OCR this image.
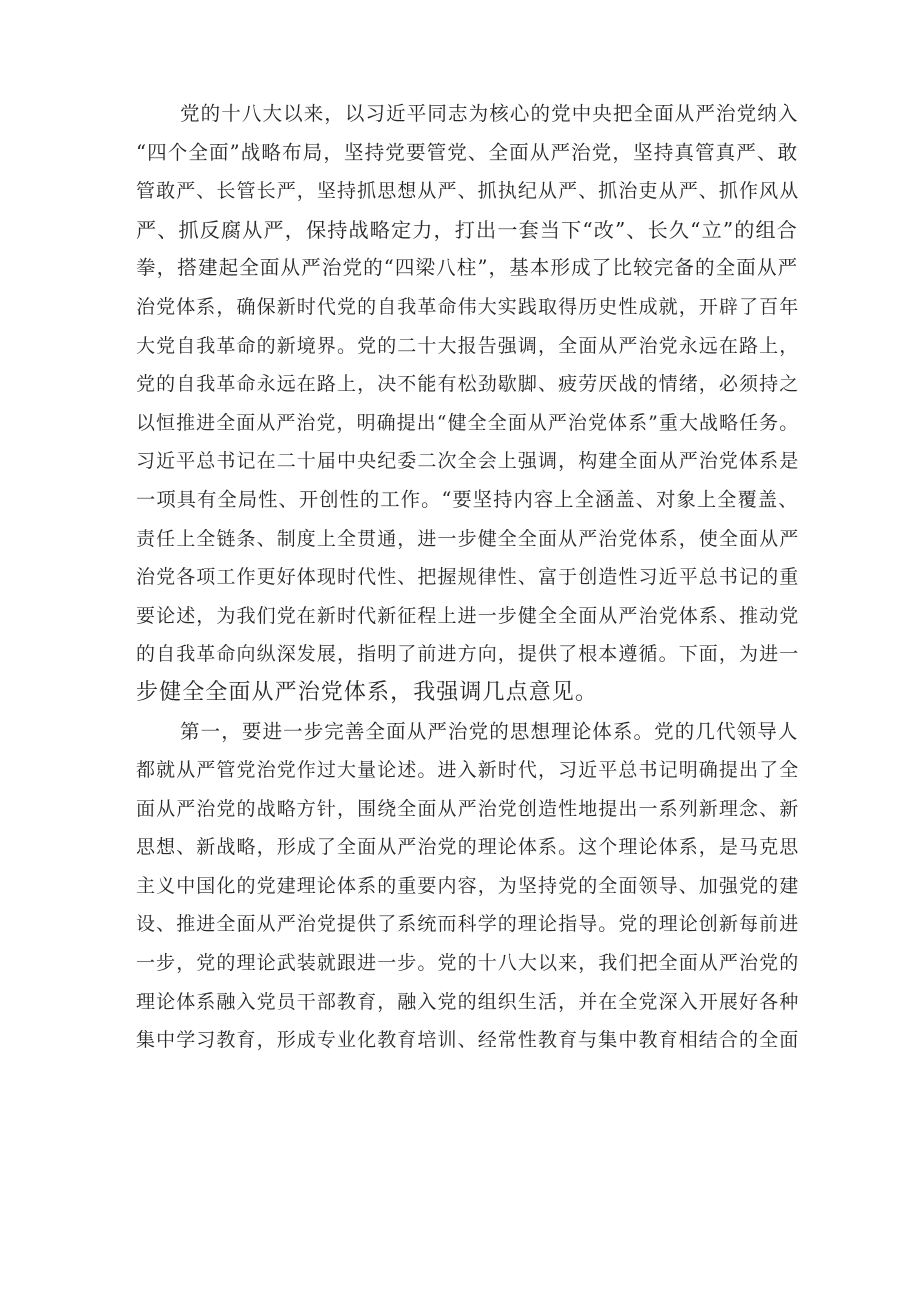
党的十八大以来，以习近平同志为核心的党中央把全面从严治党纳入
“四个全面”战略布局，坚持党要管党、全面从严治党，坚持真管真严、敢
管敢严、长管长严，坚持抓思想从严、抓执纪从严、抓治吏从严、抓作风从
严、抓反腐从严，保持战略定力，打出一套当下“改”、长久“立”的组合
拳，搭建起全面从严治党的“四梁八柱”，基本形成了比较完备的全面从严
治党体系，确保新时代党的自我革命伟大实践取得历史性成就，开辟了百年
大党自我革命的新境界。党的二十大报告强调，全面从严治党永远在路上，
党的自我革命永远在路上，决不能有松劲歇脚、疲劳厌战的情绪，必须持之
以恒推进全面从严治党，明确提出“健全全面从严治党体系”重大战略任务。
习近平总书记在二十届中央纪委二次全会上强调，构建全面从严治党体系是
一项具有全局性、开创性的工作。“要坚持内容上全涵盖、对象上全覆盖、
责任上全链条、制度上全贯通，进一步健全全面从严治党体系，使全面从严
治党各项工作更好体现时代性、把握规律性、富于创造性习近平总书记的重
要论述，为我们党在新时代新征程上进一步健全全面从严治党体系、推动党
的自我革命向纵深发展，指明了前进方向，提供了根本遵循。下面，为进一
步健全全面从严治党体系，我强调几点意见。
第一，要进一步完善全面从严治党的思想理论体系。党的几代领导人
都就从严管党治党作过大量论述。进入新时代，习近平总书记明确提出了全
面从严治党的战略方针，围绕全面从严治党创造性地提出一系列新理念、新
思想、新战略，形成了全面从严治党的理论体系。这个理论体系，是马克思
主义中国化的党建理论体系的重要内容，为坚持党的全面领导、加强党的建
设、推进全面从严治党提供了系统而科学的理论指导。党的理论创新每前进
一步，党的理论武装就跟进一步。党的十八大以来，我们把全面从严治党的
理论体系融入党员干部教育，融入党的组织生活，并在全党深入开展好各种
集中学习教育，形成专业化教育培训、经常性教育与集中教育相结合的全面
